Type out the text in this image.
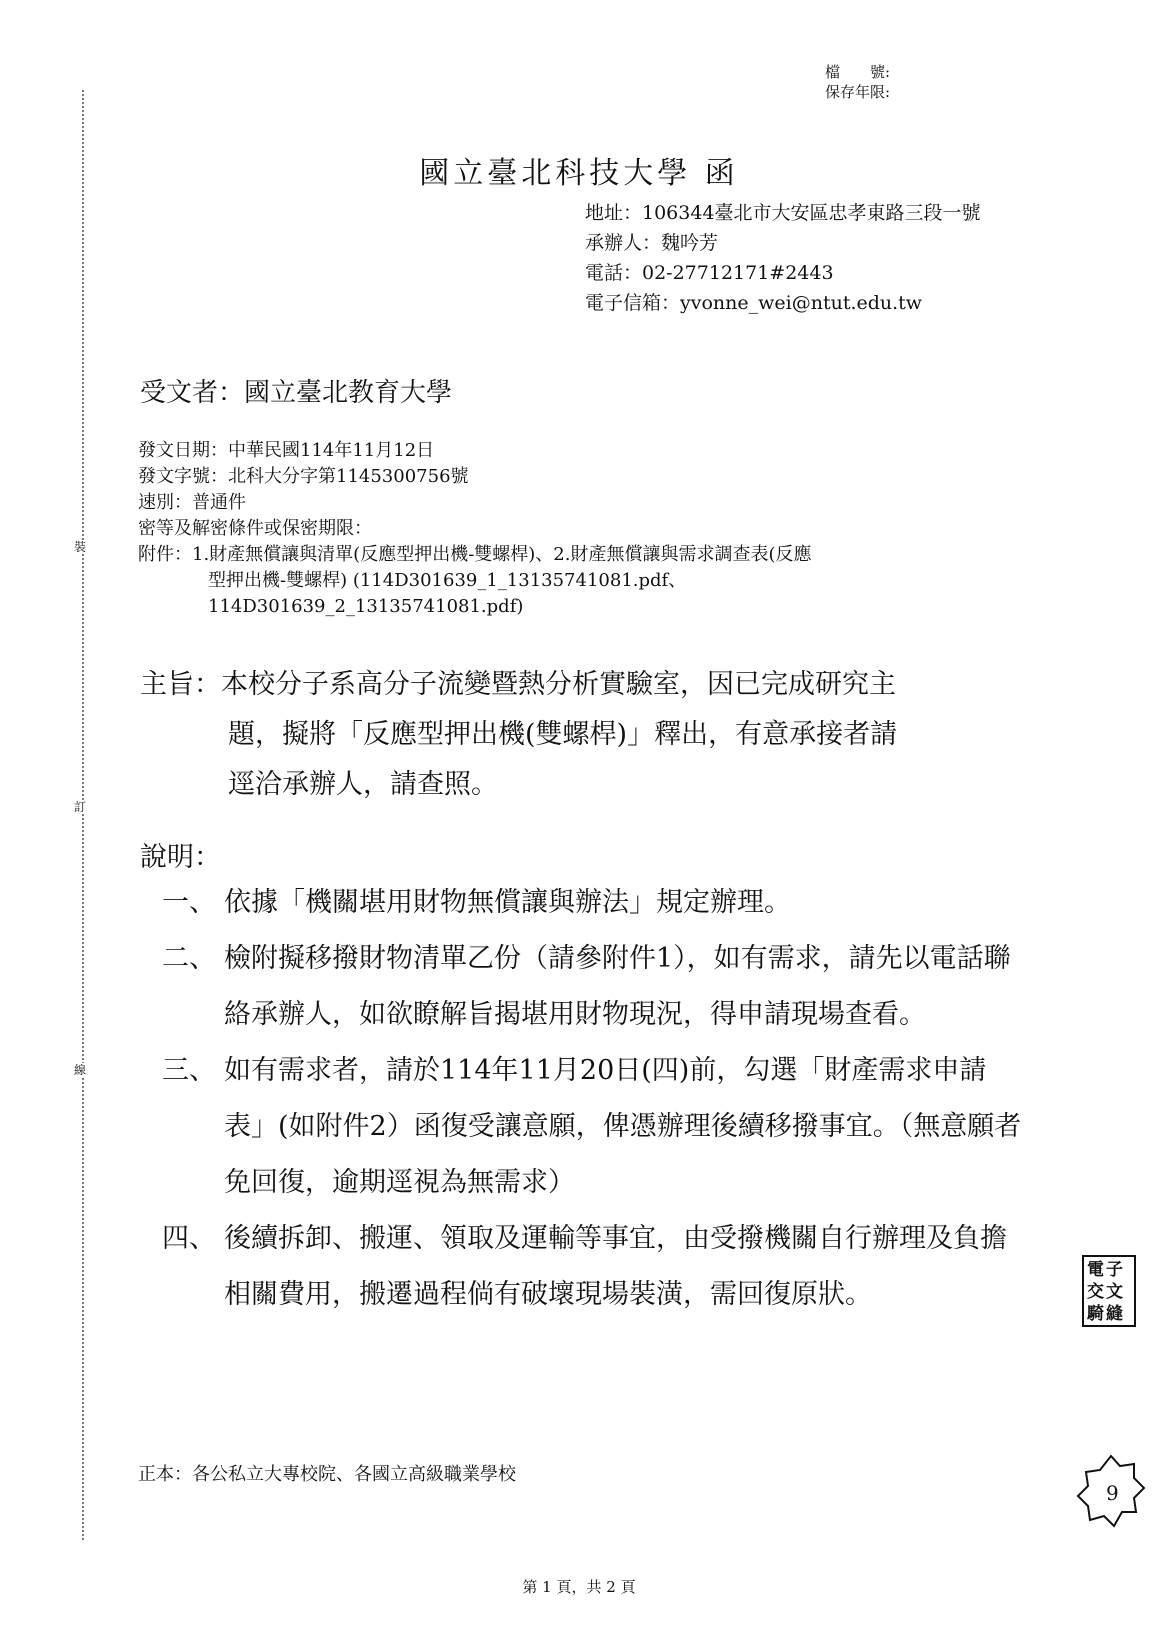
裝
訂
線
檔　　號:
保存年限:
國立臺北科技大學 函
地址：106344臺北市大安區忠孝東路三段一號
承辦人：魏吟芳
電話：02-27712171#2443
電子信箱：yvonne_wei@ntut.edu.tw
受文者：國立臺北教育大學
發文日期：中華民國114年11月12日
發文字號：北科大分字第1145300756號
速別：普通件
密等及解密條件或保密期限：
附件：1.財產無償讓與清單(反應型押出機-雙螺桿)、2.財產無償讓與需求調查表(反應
型押出機-雙螺桿) (114D301639_1_13135741081.pdf、
114D301639_2_13135741081.pdf)
主旨：本校分子系高分子流變暨熱分析實驗室，因已完成研究主
題，擬將「反應型押出機(雙螺桿)」釋出，有意承接者請
逕洽承辦人，請查照。
說明：
一、 依據「機關堪用財物無償讓與辦法」規定辦理。
二、 檢附擬移撥財物清單乙份（請參附件1），如有需求，請先以電話聯絡承辦人，如欲瞭解旨揭堪用財物現況，得申請現場查看。
三、 如有需求者，請於114年11月20日(四)前，勾選「財產需求申請表」(如附件2）函復受讓意願，俾憑辦理後續移撥事宜。（無意願者免回復，逾期逕視為無需求）
四、 後續拆卸、搬運、領取及運輸等事宜，由受撥機關自行辦理及負擔相關費用，搬遷過程倘有破壞現場裝潢，需回復原狀。
正本：各公私立大專校院、各國立高級職業學校
電子交文騎縫
9
第 1 頁，共 2 頁
